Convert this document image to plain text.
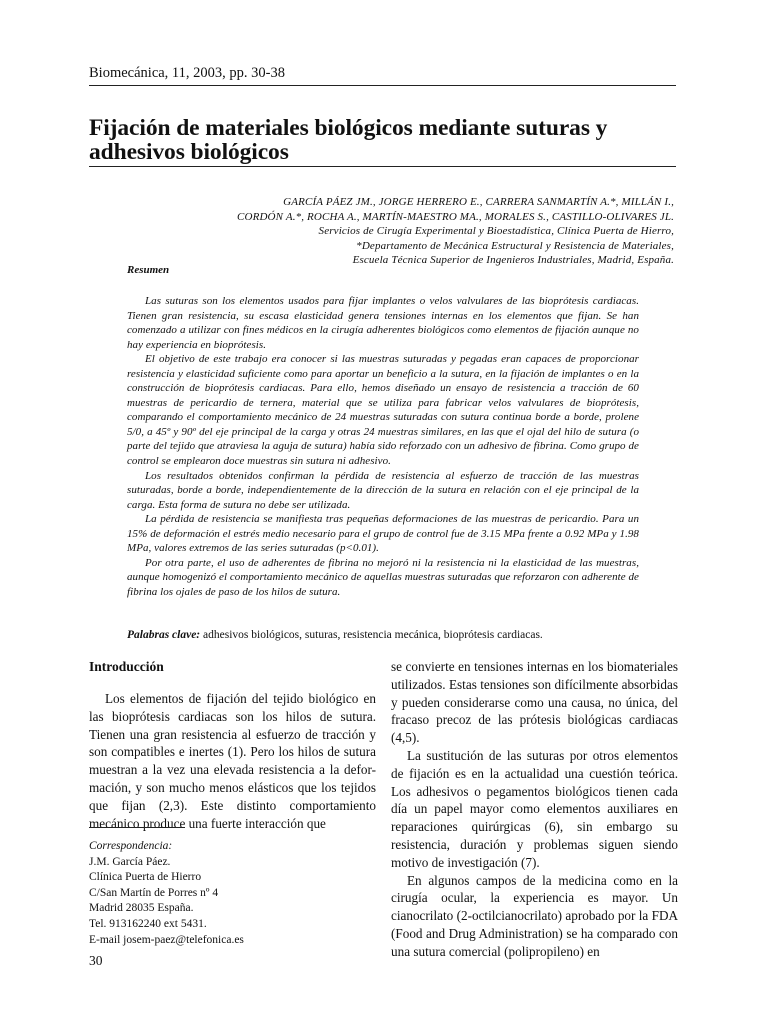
Biomecánica, 11, 2003, pp. 30-38
Fijación de materiales biológicos mediante suturas y adhesivos biológicos
GARCÍA PÁEZ JM., JORGE HERRERO E., CARRERA SANMARTÍN A.*, MILLÁN I.,
CORDÓN A.*, ROCHA A., MARTÍN-MAESTRO MA., MORALES S., CASTILLO-OLIVARES JL.
Servicios de Cirugía Experimental y Bioestadística, Clínica Puerta de Hierro,
*Departamento de Mecánica Estructural y Resistencia de Materiales,
Escuela Técnica Superior de Ingenieros Industriales, Madrid, España.
Resumen

Las suturas son los elementos usados para fijar implantes o velos valvulares de las bioprótesis cardiacas. Tienen gran resistencia, su escasa elasticidad genera tensiones internas en los elementos que fijan. Se han comenzado a utilizar con fines médicos en la cirugía adherentes biológicos como elementos de fijación aunque no hay experiencia en bioprótesis.

El objetivo de este trabajo era conocer si las muestras suturadas y pegadas eran capaces de proporcionar resistencia y elasticidad suficiente como para aportar un beneficio a la sutura, en la fijación de implantes o en la construcción de bioprótesis cardiacas. Para ello, hemos diseñado un ensayo de resistencia a tracción de 60 muestras de pericardio de ternera, material que se utiliza para fabricar velos valvulares de bioprótesis, comparando el comportamiento mecánico de 24 muestras suturadas con sutura continua borde a borde, prolene 5/0, a 45º y 90º del eje principal de la carga y otras 24 muestras similares, en las que el ojal del hilo de sutura (o parte del tejido que atraviesa la aguja de sutura) había sido reforzado con un adhesivo de fibrina. Como grupo de control se emplearon doce muestras sin sutura ni adhesivo.

Los resultados obtenidos confirman la pérdida de resistencia al esfuerzo de tracción de las muestras suturadas, borde a borde, independientemente de la dirección de la sutura en relación con el eje principal de la carga. Esta forma de sutura no debe ser utilizada.

La pérdida de resistencia se manifiesta tras pequeñas deformaciones de las muestras de pericardio. Para un 15% de deformación el estrés medio necesario para el grupo de control fue de 3.15 MPa frente a 0.92 MPa y 1.98 MPa, valores extremos de las series suturadas (p<0.01).

Por otra parte, el uso de adherentes de fibrina no mejoró ni la resistencia ni la elasticidad de las muestras, aunque homogenizó el comportamiento mecánico de aquellas muestras suturadas que reforzaron con adherente de fibrina los ojales de paso de los hilos de sutura.

Palabras clave: adhesivos biológicos, suturas, resistencia mecánica, bioprótesis cardiacas.
Introducción

Los elementos de fijación del tejido biológico en las bioprótesis cardiacas son los hilos de sutura. Tienen una gran resistencia al esfuerzo de tracción y son compatibles e inertes (1). Pero los hilos de sutura muestran a la vez una elevada resistencia a la defor- mación, y son mucho menos elásticos que los tejidos que fijan (2,3). Este distinto comportamiento mecánico produce una fuerte interacción que

se convierte en tensiones internas en los biomateriales utilizados. Estas tensiones son difícilmente absorbidas y pueden considerarse como una causa, no única, del fracaso precoz de las prótesis biológicas cardiacas (4,5).

La sustitución de las suturas por otros elementos de fijación es en la actualidad una cuestión teórica. Los adhesivos o pegamentos biológicos tienen cada día un papel mayor como elementos auxiliares en reparaciones quirúrgicas (6), sin embargo su resistencia, duración y problemas siguen siendo motivo de investigación (7).

En algunos campos de la medicina como en la cirugía ocular, la experiencia es mayor. Un cianocrilato (2-octilcianocrilato) aprobado por la FDA (Food and Drug Administration) se ha comparado con una sutura comercial (polipropileno) en

Correspondencia:
J.M. García Páez.
Clínica Puerta de Hierro
C/San Martín de Porres nº 4
Madrid 28035 España.
Tel. 913162240 ext 5431.
E-mail josem-paez@telefonica.es
30
